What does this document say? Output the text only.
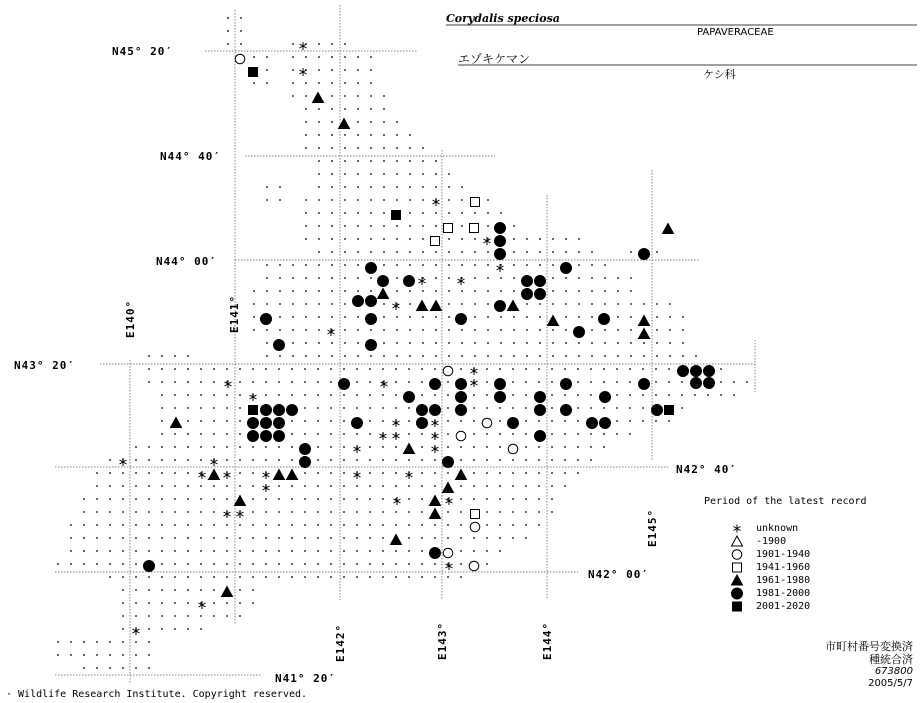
Corydalis speciosa
PAPAVERACEAE
エゾキケマン
ケシ科
N45° 20′
N44° 40′
N44° 00′
N43° 20′
N42° 40′
N42° 00′
N41° 20′
E140°	E141°
E142°	E143°	E144°
E145°
Period of the latest record
unknown
-1900
1901-1940
1941-1960
1961-1980
1981-2000
2001-2020
市町村番号変換済
種統合済
673800
2005/5/7
· Wildlife Research Institute. Copyright reserved.
